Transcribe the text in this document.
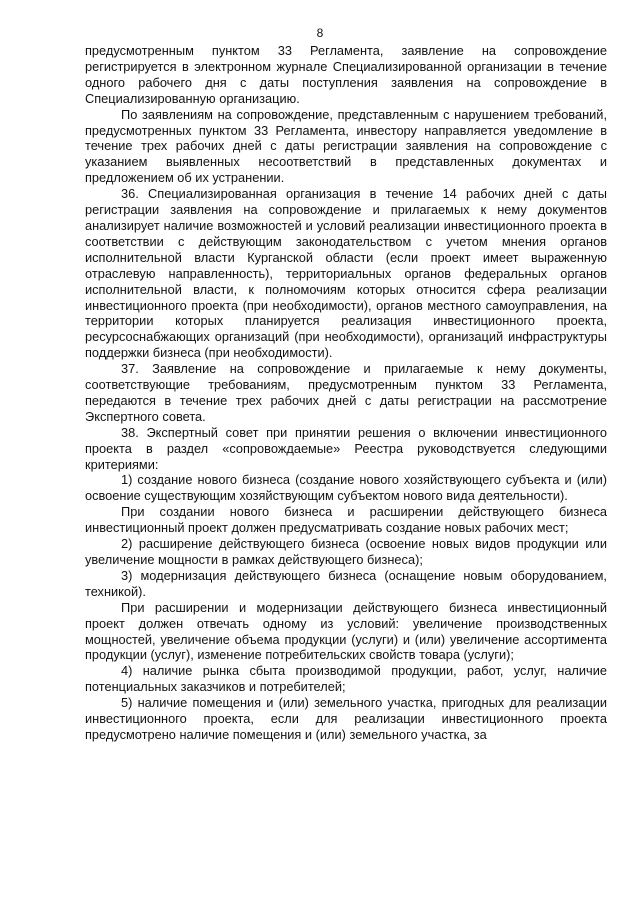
8

предусмотренным пунктом 33 Регламента, заявление на сопровождение регистрируется в электронном журнале Специализированной организации в течение одного рабочего дня с даты поступления заявления на сопровождение в Специализированную организацию.

По заявлениям на сопровождение, представленным с нарушением требований, предусмотренных пунктом 33 Регламента, инвестору направляется уведомление в течение трех рабочих дней с даты регистрации заявления на сопровождение с указанием выявленных несоответствий в представленных документах и предложением об их устранении.

36. Специализированная организация в течение 14 рабочих дней с даты регистрации заявления на сопровождение и прилагаемых к нему документов анализирует наличие возможностей и условий реализации инвестиционного проекта в соответствии с действующим законодательством с учетом мнения органов исполнительной власти Курганской области (если проект имеет выраженную отраслевую направленность), территориальных органов федеральных органов исполнительной власти, к полномочиям которых относится сфера реализации инвестиционного проекта (при необходимости), органов местного самоуправления, на территории которых планируется реализация инвестиционного проекта, ресурсоснабжающих организаций (при необходимости), организаций инфраструктуры поддержки бизнеса (при необходимости).

37. Заявление на сопровождение и прилагаемые к нему документы, соответствующие требованиям, предусмотренным пунктом 33 Регламента, передаются в течение трех рабочих дней с даты регистрации на рассмотрение Экспертного совета.

38. Экспертный совет при принятии решения о включении инвестиционного проекта в раздел «сопровождаемые» Реестра руководствуется следующими критериями:

1) создание нового бизнеса (создание нового хозяйствующего субъекта и (или) освоение существующим хозяйствующим субъектом нового вида деятельности).

При создании нового бизнеса и расширении действующего бизнеса инвестиционный проект должен предусматривать создание новых рабочих мест;

2) расширение действующего бизнеса (освоение новых видов продукции или увеличение мощности в рамках действующего бизнеса);

3) модернизация действующего бизнеса (оснащение новым оборудованием, техникой).

При расширении и модернизации действующего бизнеса инвестиционный проект должен отвечать одному из условий: увеличение производственных мощностей, увеличение объема продукции (услуги) и (или) увеличение ассортимента продукции (услуг), изменение потребительских свойств товара (услуги);

4) наличие рынка сбыта производимой продукции, работ, услуг, наличие потенциальных заказчиков и потребителей;

5) наличие помещения и (или) земельного участка, пригодных для реализации инвестиционного проекта, если для реализации инвестиционного проекта предусмотрено наличие помещения и (или) земельного участка, за
